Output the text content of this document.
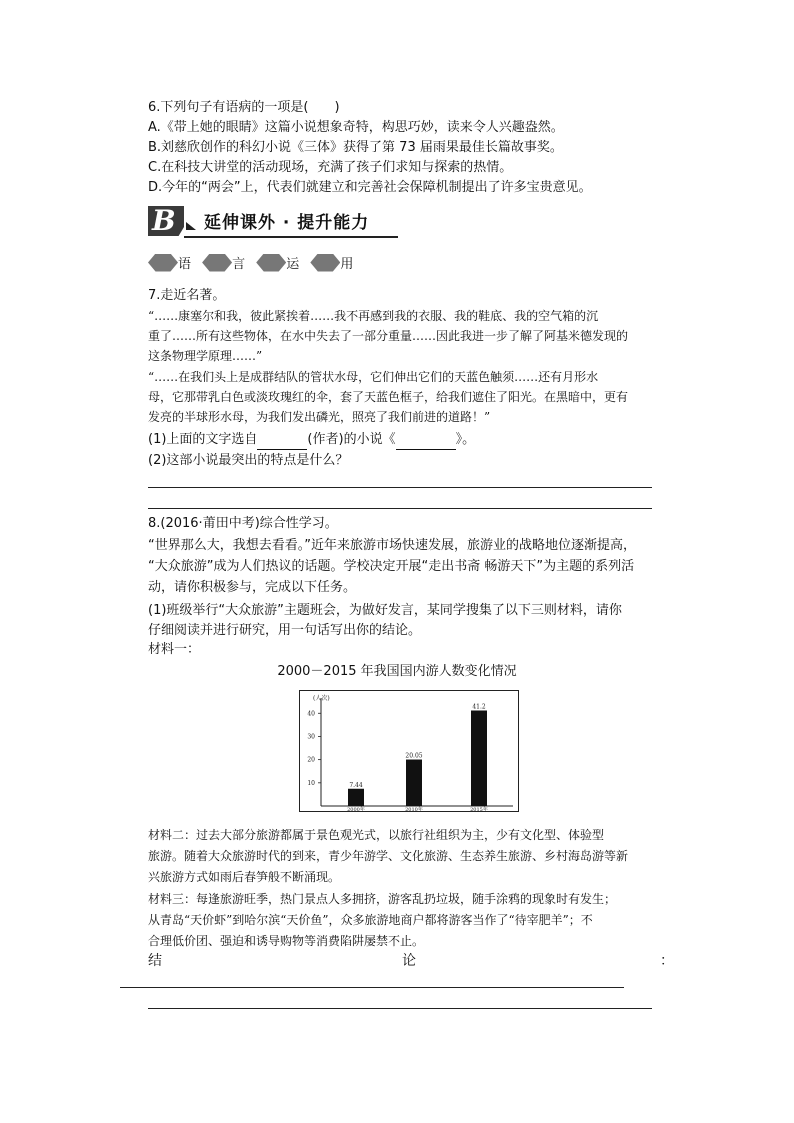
6.下列句子有语病的一项是(　　)
A.《带上她的眼睛》这篇小说想象奇特，构思巧妙，读来令人兴趣盎然。
B.刘慈欣创作的科幻小说《三体》获得了第 73 届雨果最佳长篇故事奖。
C.在科技大讲堂的活动现场，充满了孩子们求知与探索的热情。
D.今年的“两会”上，代表们就建立和完善社会保障机制提出了许多宝贵意见。
B 延伸课外 · 提升能力
语	言	运	用
7.走近名著。
“……康塞尔和我，彼此紧挨着……我不再感到我的衣服、我的鞋底、我的空气箱的沉
重了……所有这些物体，在水中失去了一部分重量……因此我进一步了解了阿基米德发现的
这条物理学原理……”
“……在我们头上是成群结队的管状水母，它们伸出它们的天蓝色触须……还有月形水
母，它那带乳白色或淡玫瑰红的伞，套了天蓝色框子，给我们遮住了阳光。在黑暗中，更有
发亮的半球形水母，为我们发出磷光，照亮了我们前进的道路！”
(1)上面的文字选自	(作者)的小说《	》。
(2)这部小说最突出的特点是什么？
8.(2016·莆田中考)综合性学习。
“世界那么大，我想去看看。”近年来旅游市场快速发展，旅游业的战略地位逐渐提高，
“大众旅游”成为人们热议的话题。学校决定开展“走出书斋 畅游天下”为主题的系列活
动，请你积极参与，完成以下任务。
(1)班级举行“大众旅游”主题班会，为做好发言，某同学搜集了以下三则材料，请你
仔细阅读并进行研究，用一句话写出你的结论。
材料一：
2000－2015 年我国国内游人数变化情况
(人次)
10
20
30
40
7.44
2000年
20.05
2010年
41.2
2015年
材料二：过去大部分旅游都属于景色观光式，以旅行社组织为主，少有文化型、体验型
旅游。随着大众旅游时代的到来，青少年游学、文化旅游、生态养生旅游、乡村海岛游等新
兴旅游方式如雨后春笋般不断涌现。
材料三：每逢旅游旺季，热门景点人多拥挤，游客乱扔垃圾，随手涂鸦的现象时有发生；
从青岛“天价虾”到哈尔滨“天价鱼”，众多旅游地商户都将游客当作了“待宰肥羊”；不
合理低价团、强迫和诱导购物等消费陷阱屡禁不止。
结	论	：
